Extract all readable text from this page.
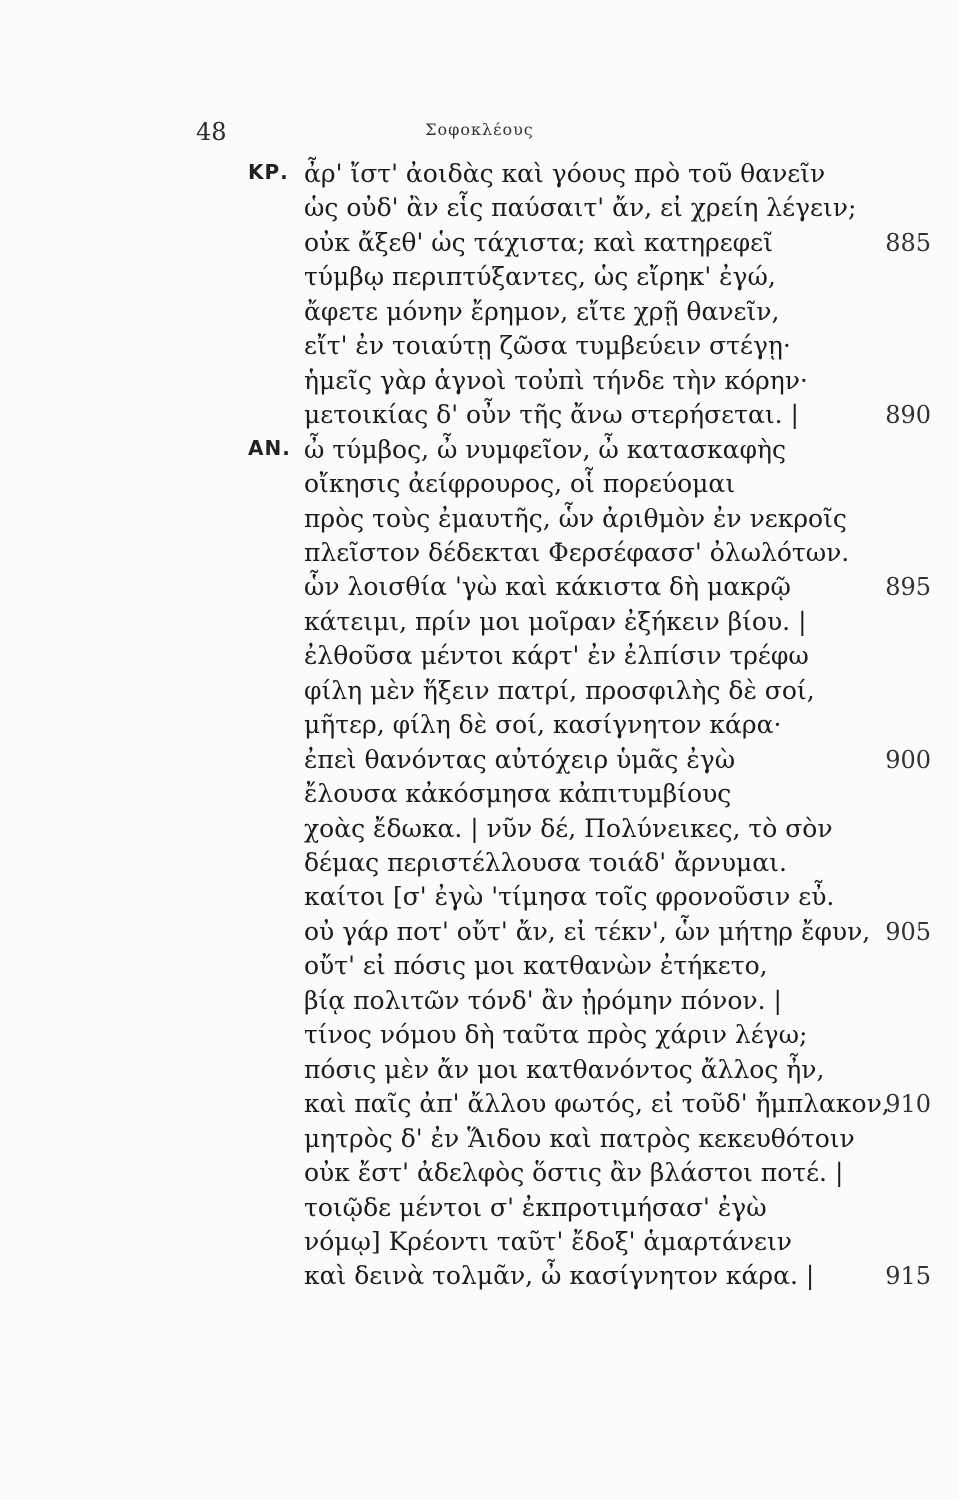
48	Σοφοκλέους
ΚΡ. ἆρ' ἴστ' ἀοιδὰς καὶ γόους πρὸ τοῦ θανεῖν
ὡς οὐδ' ἂν εἷς παύσαιτ' ἄν, εἰ χρείη λέγειν;
οὐκ ἄξεθ' ὡς τάχιστα; καὶ κατηρεφεῖ	885
τύμβῳ περιπτύξαντες, ὡς εἴρηκ' ἐγώ,
ἄφετε μόνην ἔρημον, εἴτε χρῇ θανεῖν,
εἴτ' ἐν τοιαύτῃ ζῶσα τυμβεύειν στέγῃ·
ἡμεῖς γὰρ ἁγνοὶ τοὐπὶ τήνδε τὴν κόρην·
μετοικίας δ' οὖν τῆς ἄνω στερήσεται. |	890
ΑΝ. ὦ τύμβος, ὦ νυμφεῖον, ὦ κατασκαφὴς
οἴκησις ἀείφρουρος, οἷ πορεύομαι
πρὸς τοὺς ἐμαυτῆς, ὧν ἀριθμὸν ἐν νεκροῖς
πλεῖστον δέδεκται Φερσέφασσ' ὀλωλότων.
ὧν λοισθία 'γὼ καὶ κάκιστα δὴ μακρῷ	895
κάτειμι, πρίν μοι μοῖραν ἐξήκειν βίου. |
ἐλθοῦσα μέντοι κάρτ' ἐν ἐλπίσιν τρέφω
φίλη μὲν ἥξειν πατρί, προσφιλὴς δὲ σοί,
μῆτερ, φίλη δὲ σοί, κασίγνητον κάρα·
ἐπεὶ θανόντας αὐτόχειρ ὑμᾶς ἐγὼ	900
ἔλουσα κἀκόσμησα κἀπιτυμβίους
χοὰς ἔδωκα. | νῦν δέ, Πολύνεικες, τὸ σὸν
δέμας περιστέλλουσα τοιάδ' ἄρνυμαι.
καίτοι [σ' ἐγὼ 'τίμησα τοῖς φρονοῦσιν εὖ.
οὐ γάρ ποτ' οὔτ' ἄν, εἰ τέκν', ὧν μήτηρ ἔφυν, 905
οὔτ' εἰ πόσις μοι κατθανὼν ἐτήκετο,
βίᾳ πολιτῶν τόνδ' ἂν ᾐρόμην πόνον. |
τίνος νόμου δὴ ταῦτα πρὸς χάριν λέγω;
πόσις μὲν ἄν μοι κατθανόντος ἄλλος ἦν,
καὶ παῖς ἀπ' ἄλλου φωτός, εἰ τοῦδ' ἤμπλακον,
910
μητρὸς δ' ἐν Ἅιδου καὶ πατρὸς κεκευθότοιν
οὐκ ἔστ' ἀδελφὸς ὅστις ἂν βλάστοι ποτέ. |
τοιῷδε μέντοι σ' ἐκπροτιμήσασ' ἐγὼ
νόμῳ] Κρέοντι ταῦτ' ἔδοξ' ἁμαρτάνειν
καὶ δεινὰ τολμᾶν, ὦ κασίγνητον κάρα. |	915
